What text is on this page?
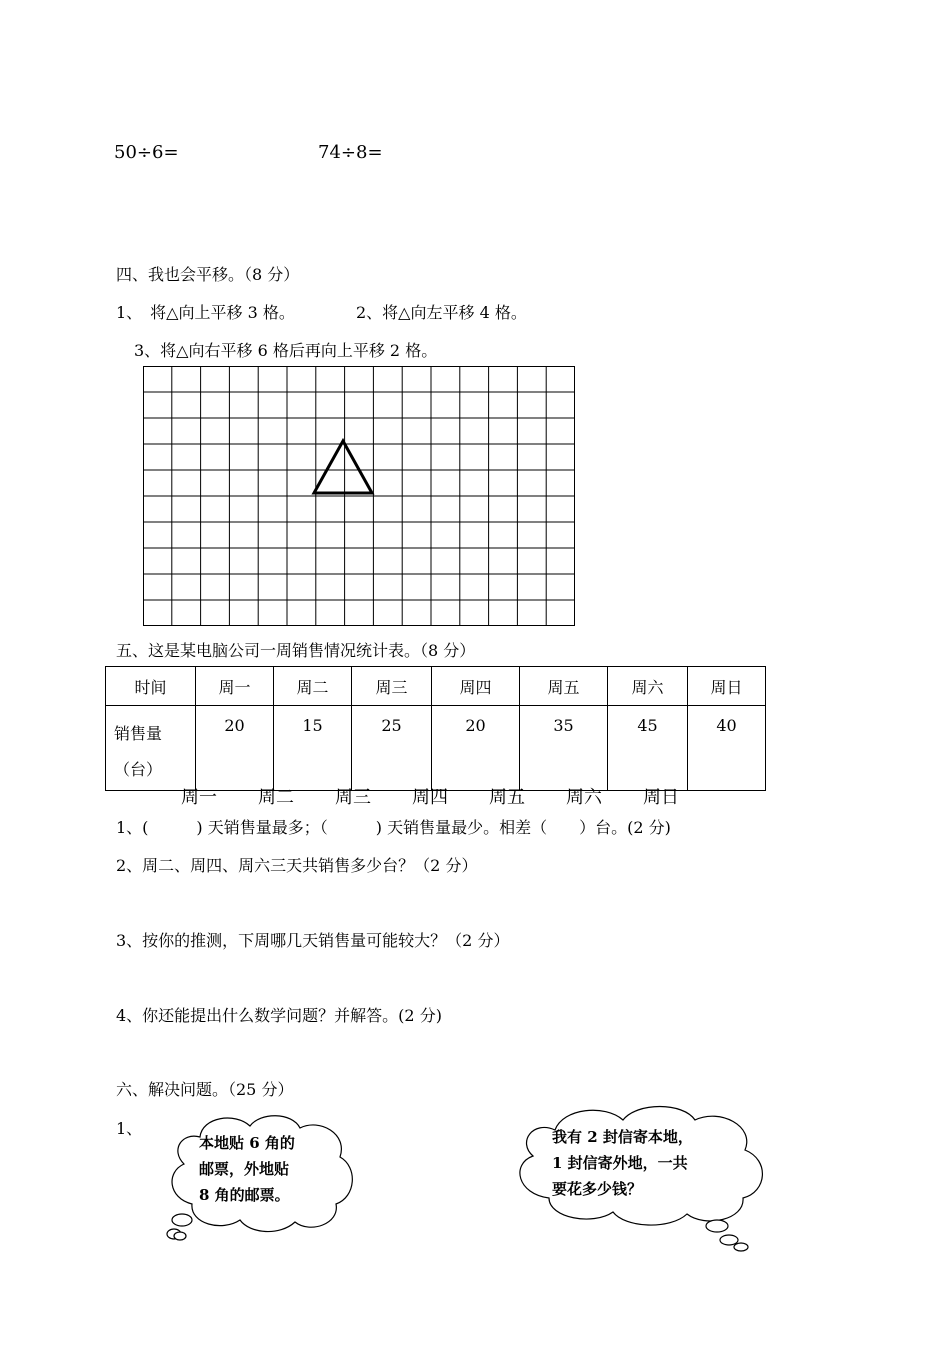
50÷6=	74÷8=
四、我也会平移。（8 分）
1、　将△向上平移 3 格。	2、将△向左平移 4 格。
3、将△向右平移 6 格后再向上平移 2 格。
五、这是某电脑公司一周销售情况统计表。（8 分）
时间	周一	周二	周三	周四	周五	周六	周日

销售量
（台）	20	15	25	20	35	45	40
周一 周二 周三 周四 周五 周六 周日
1、(　　　) 天销售量最多；（　　　) 天销售量最少。相差（　　）台。(2 分)
2、周二、周四、周六三天共销售多少台？（2 分）
3、按你的推测，下周哪几天销售量可能较大？（2 分）
4、你还能提出什么数学问题？并解答。(2 分)
六、解决问题。（25 分）
1、
本地贴 6 角的
邮票，外地贴
8 角的邮票。
我有 2 封信寄本地，
1 封信寄外地，一共
要花多少钱？
